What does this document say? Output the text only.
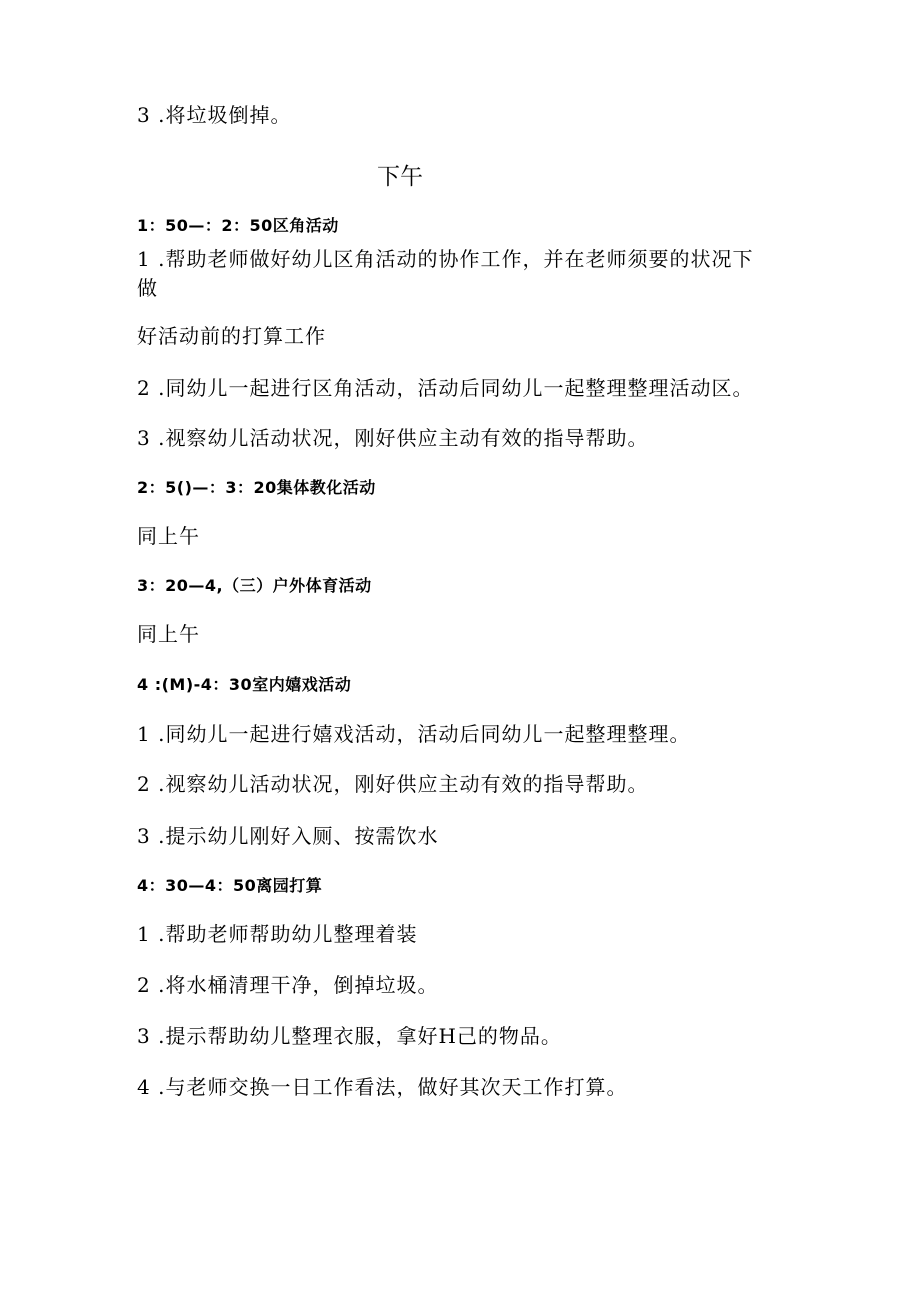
3 .将垃圾倒掉。
下午
1：50—：2：50区角活动
1 .帮助老师做好幼儿区角活动的协作工作，并在老师须要的状况下
做
好活动前的打算工作
2 .同幼儿一起进行区角活动，活动后同幼儿一起整理整理活动区。
3 .视察幼儿活动状况，刚好供应主动有效的指导帮助。
2：5()—：3：20集体教化活动
同上午
3：20—4,（三）户外体育活动
同上午
4 :(M)-4：30室内嬉戏活动
1 .同幼儿一起进行嬉戏活动，活动后同幼儿一起整理整理。
2 .视察幼儿活动状况，刚好供应主动有效的指导帮助。
3 .提示幼儿刚好入厕、按需饮水
4：30—4：50离园打算
1 .帮助老师帮助幼儿整理着装
2 .将水桶清理干净，倒掉垃圾。
3 .提示帮助幼儿整理衣服，拿好H己的物品。
4 .与老师交换一日工作看法，做好其次天工作打算。
